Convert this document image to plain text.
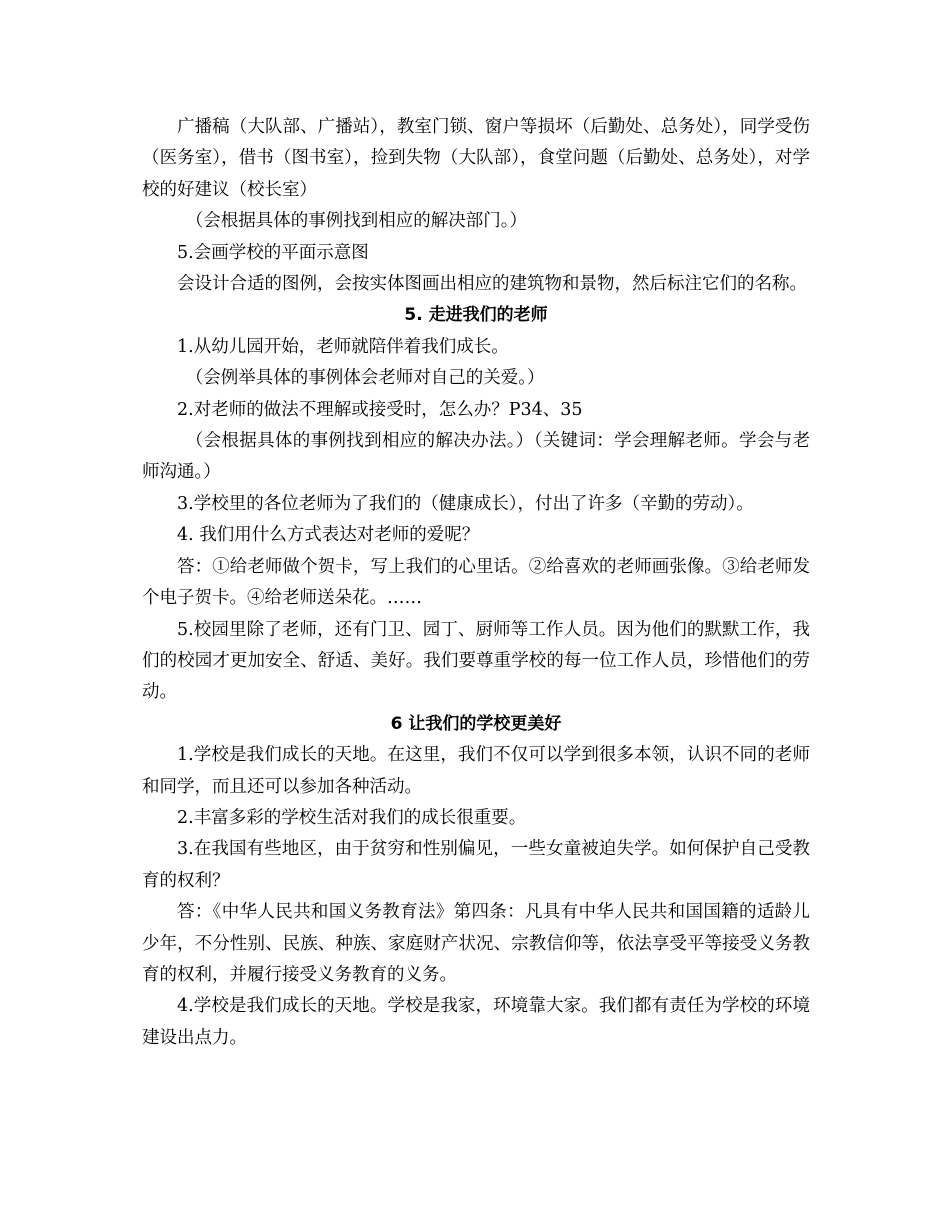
广播稿（大队部、广播站），教室门锁、窗户等损坏（后勤处、总务处），同学受伤（医务室），借书（图书室），捡到失物（大队部），食堂问题（后勤处、总务处），对学校的好建议（校长室）

（会根据具体的事例找到相应的解决部门。）

5.会画学校的平面示意图

会设计合适的图例，会按实体图画出相应的建筑物和景物，然后标注它们的名称。

5. 走进我们的老师

1.从幼儿园开始，老师就陪伴着我们成长。

（会例举具体的事例体会老师对自己的关爱。）

2.对老师的做法不理解或接受时，怎么办？P34、35

（会根据具体的事例找到相应的解决办法。）（关键词：学会理解老师。学会与老师沟通。）

3.学校里的各位老师为了我们的（健康成长），付出了许多（辛勤的劳动）。

4. 我们用什么方式表达对老师的爱呢？

答：①给老师做个贺卡，写上我们的心里话。②给喜欢的老师画张像。③给老师发个电子贺卡。④给老师送朵花。……

5.校园里除了老师，还有门卫、园丁、厨师等工作人员。因为他们的默默工作，我们的校园才更加安全、舒适、美好。我们要尊重学校的每一位工作人员，珍惜他们的劳动。

6 让我们的学校更美好

1.学校是我们成长的天地。在这里，我们不仅可以学到很多本领，认识不同的老师和同学，而且还可以参加各种活动。

2.丰富多彩的学校生活对我们的成长很重要。

3.在我国有些地区，由于贫穷和性别偏见，一些女童被迫失学。如何保护自己受教育的权利？

答：《中华人民共和国义务教育法》第四条：凡具有中华人民共和国国籍的适龄儿少年，不分性别、民族、种族、家庭财产状况、宗教信仰等，依法享受平等接受义务教育的权利，并履行接受义务教育的义务。

4.学校是我们成长的天地。学校是我家，环境靠大家。我们都有责任为学校的环境建设出点力。
